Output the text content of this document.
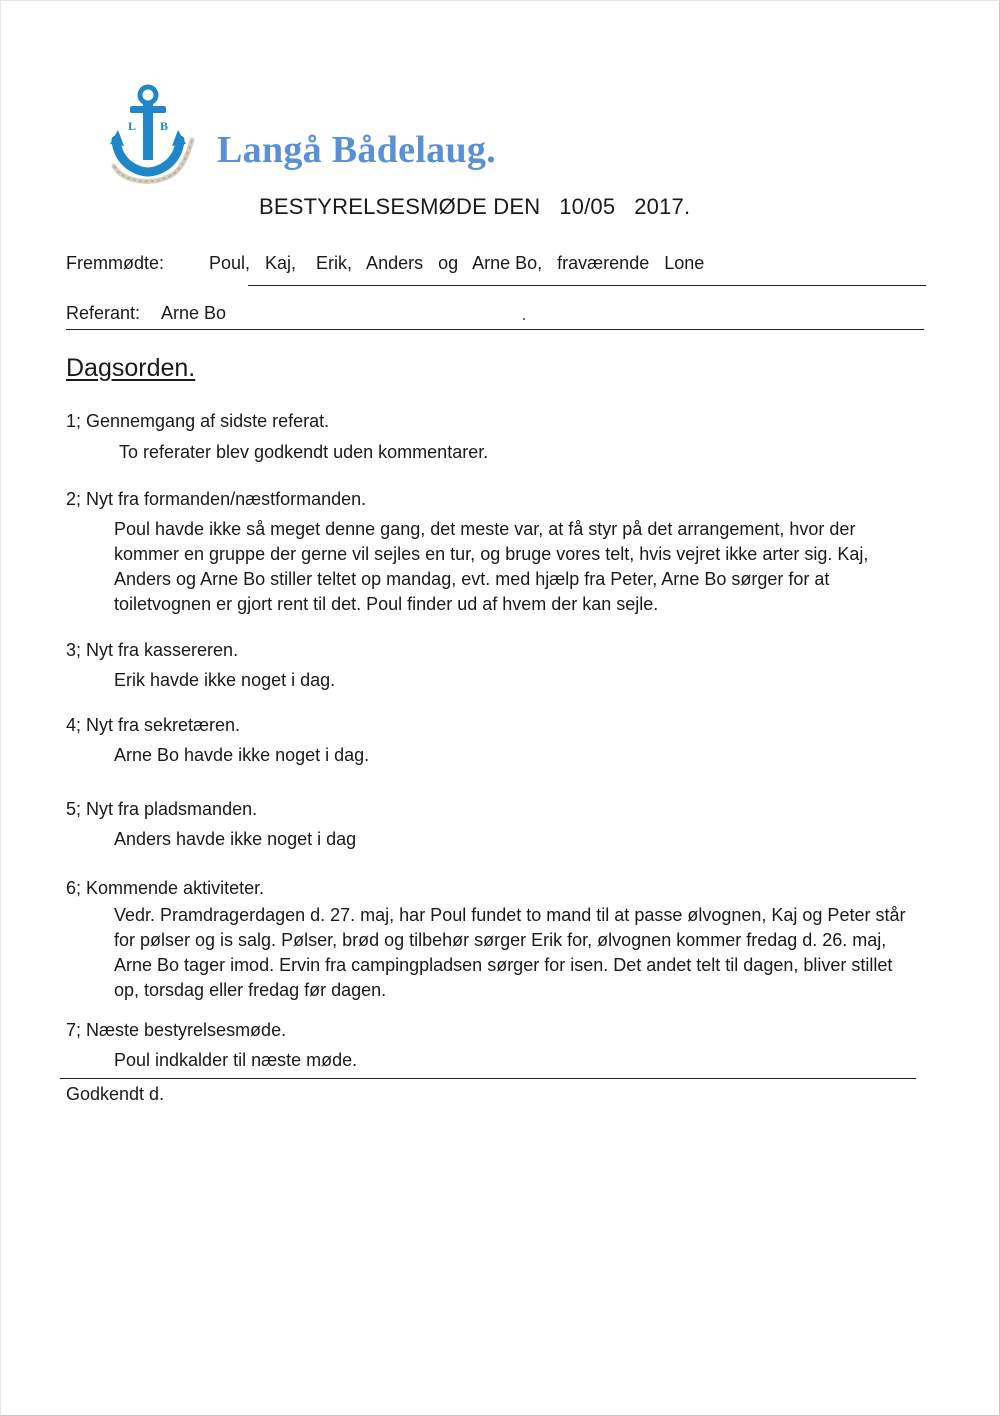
L B
Langå Bådelaug.
BESTYRELSESMØDE DEN   10/05   2017.
Fremmødte: Poul,   Kaj,    Erik,   Anders   og   Arne Bo,   fraværende   Lone
Referant: Arne Bo
Dagsorden.
1; Gennemgang af sidste referat.
To referater blev godkendt uden kommentarer.
2; Nyt fra formanden/næstformanden.
Poul havde ikke så meget denne gang, det meste var, at få styr på det arrangement, hvor der kommer en gruppe der gerne vil sejles en tur, og bruge vores telt, hvis vejret ikke arter sig. Kaj, Anders og Arne Bo stiller teltet op mandag, evt. med hjælp fra Peter, Arne Bo sørger for at toiletvognen er gjort rent til det. Poul finder ud af hvem der kan sejle.
3; Nyt fra kassereren.
Erik havde ikke noget i dag.
4; Nyt fra sekretæren.
Arne Bo havde ikke noget i dag.
5; Nyt fra pladsmanden.
Anders havde ikke noget i dag
6; Kommende aktiviteter.
Vedr. Pramdragerdagen d. 27. maj, har Poul fundet to mand til at passe ølvognen, Kaj og Peter står for pølser og is salg. Pølser, brød og tilbehør sørger Erik for, ølvognen kommer fredag d. 26. maj, Arne Bo tager imod. Ervin fra campingpladsen sørger for isen. Det andet telt til dagen, bliver stillet op, torsdag eller fredag før dagen.
7; Næste bestyrelsesmøde.
Poul indkalder til næste møde.
Godkendt d.
